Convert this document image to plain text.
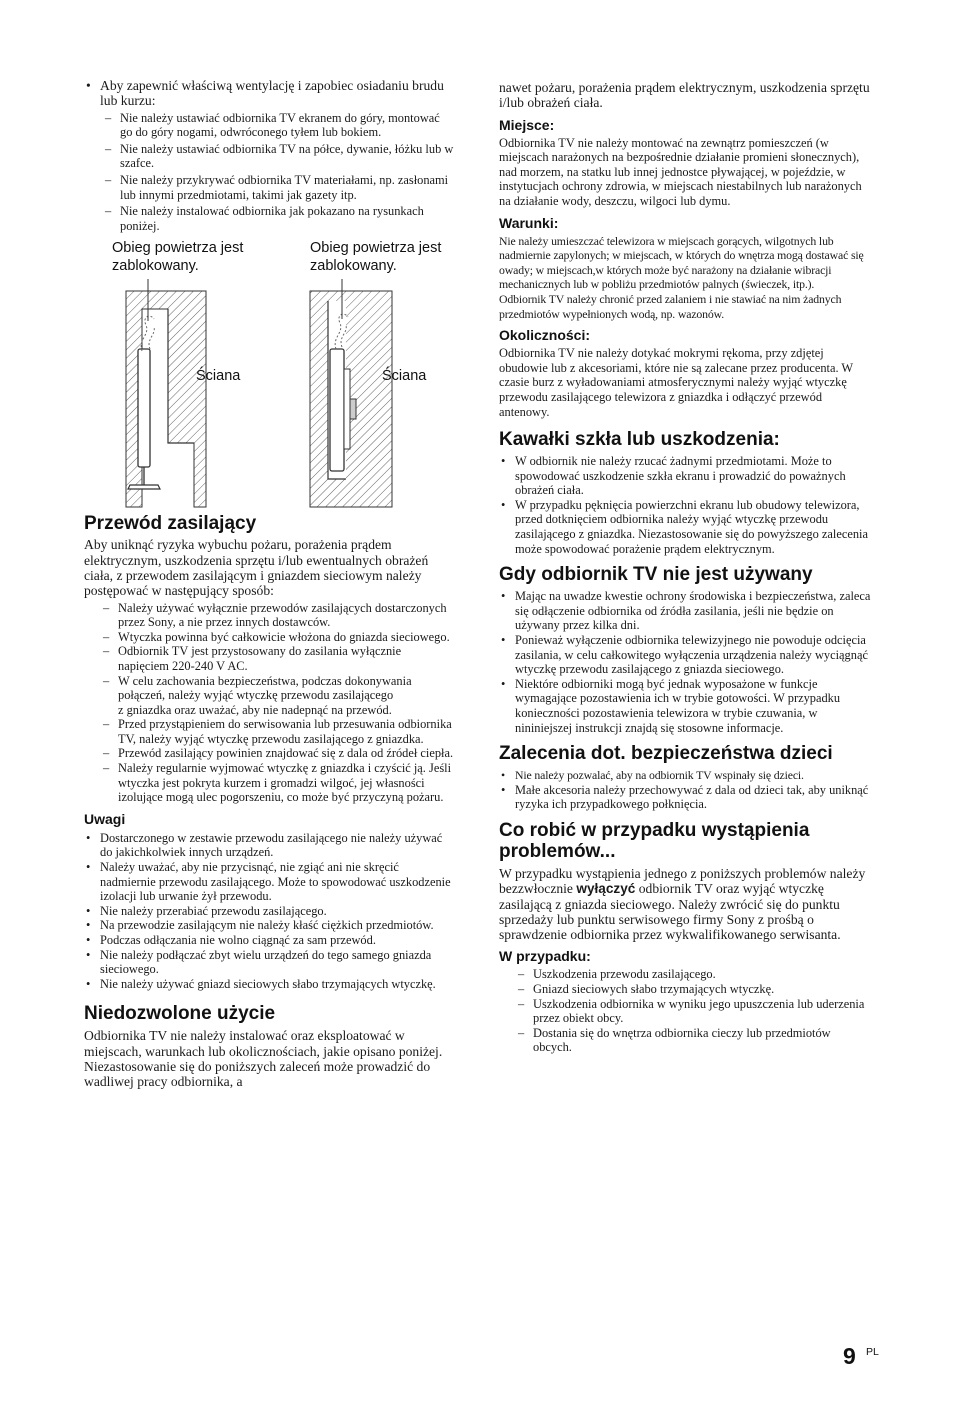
• Aby zapewnić właściwą wentylację i zapobiec osiadaniu brudu lub kurzu:
– Nie należy ustawiać odbiornika TV ekranem do góry, montować go do góry nogami, odwróconego tyłem lub bokiem.
– Nie należy ustawiać odbiornika TV na półce, dywanie, łóżku lub w szafce.
– Nie należy przykrywać odbiornika TV materiałami, np. zasłonami lub innymi przedmiotami, takimi jak gazety itp.
– Nie należy instalować odbiornika jak pokazano na rysunkach poniżej.
Obieg powietrza jest zablokowany.
Obieg powietrza jest zablokowany.
Ściana	Ściana
Przewód zasilający

Aby uniknąć ryzyka wybuchu pożaru, porażenia prądem elektrycznym, uszkodzenia sprzętu i/lub ewentualnych obrażeń ciała, z przewodem zasilającym i gniazdem sieciowym należy postępować w następujący sposób:

– Należy używać wyłącznie przewodów zasilających dostarczonych przez Sony, a nie przez innych dostawców.
– Wtyczka powinna być całkowicie włożona do gniazda sieciowego.
– Odbiornik TV jest przystosowany do zasilania wyłącznie napięciem 220-240 V AC.
– W celu zachowania bezpieczeństwa, podczas dokonywania połączeń, należy wyjąć wtyczkę przewodu zasilającego
z gniazdka oraz uważać, aby nie nadepnąć na przewód.
– Przed przystąpieniem do serwisowania lub przesuwania odbiornika TV, należy wyjąć wtyczkę przewodu zasilającego z gniazdka.
– Przewód zasilający powinien znajdować się z dala od źródeł ciepła.
– Należy regularnie wyjmować wtyczkę z gniazdka i czyścić ją. Jeśli wtyczka jest pokryta kurzem i gromadzi wilgoć, jej własności izolujące mogą ulec pogorszeniu, co może być przyczyną pożaru.
Uwagi
• Dostarczonego w zestawie przewodu zasilającego nie należy używać do jakichkolwiek innych urządzeń.
• Należy uważać, aby nie przycisnąć, nie zgiąć ani nie skręcić nadmiernie przewodu zasilającego. Może to spowodować uszkodzenie izolacji lub urwanie żył przewodu.
• Nie należy przerabiać przewodu zasilającego.
• Na przewodzie zasilającym nie należy kłaść ciężkich przedmiotów.
• Podczas odłączania nie wolno ciągnąć za sam przewód.
• Nie należy podłączać zbyt wielu urządzeń do tego samego gniazda sieciowego.
• Nie należy używać gniazd sieciowych słabo trzymających wtyczkę.
Niedozwolone użycie

Odbiornika TV nie należy instalować oraz eksploatować w miejscach, warunkach lub okolicznościach, jakie opisano poniżej. Niezastosowanie się do poniższych zaleceń może prowadzić do wadliwej pracy odbiornika, a

nawet pożaru, porażenia prądem elektrycznym, uszkodzenia sprzętu i/lub obrażeń ciała.

Miejsce:

Odbiornika TV nie należy montować na zewnątrz pomieszczeń (w miejscach narażonych na bezpośrednie działanie promieni słonecznych), nad morzem, na statku lub innej jednostce pływającej, w pojeździe, w instytucjach ochrony zdrowia, w miejscach niestabilnych lub narażonych na działanie wody, deszczu, wilgoci lub dymu.

Warunki:

Nie należy umieszczać telewizora w miejscach gorących, wilgotnych lub nadmiernie zapylonych; w miejscach, w których do wnętrza mogą dostawać się owady; w miejscach,w których może być narażony na działanie wibracji mechanicznych lub w pobliżu przedmiotów palnych (świeczek, itp.).

Odbiornik TV należy chronić przed zalaniem i nie stawiać na nim żadnych przedmiotów wypełnionych wodą, np. wazonów.

Okoliczności:

Odbiornika TV nie należy dotykać mokrymi rękoma, przy zdjętej obudowie lub z akcesoriami, które nie są zalecane przez producenta. W czasie burz z wyładowaniami atmosferycznymi należy wyjąć wtyczkę przewodu zasilającego telewizora z gniazdka i odłączyć przewód antenowy.

Kawałki szkła lub uszkodzenia:
• W odbiornik nie należy rzucać żadnymi przedmiotami. Może to spowodować uszkodzenie szkła ekranu i prowadzić do poważnych obrażeń ciała.
• W przypadku pęknięcia powierzchni ekranu lub obudowy telewizora, przed dotknięciem odbiornika należy wyjąć wtyczkę przewodu zasilającego z gniazdka. Niezastosowanie się do powyższego zalecenia może spowodować porażenie prądem elektrycznym.
Gdy odbiornik TV nie jest używany
• Mając na uwadze kwestie ochrony środowiska i bezpieczeństwa, zaleca się odłączenie odbiornika od źródła zasilania, jeśli nie będzie on używany przez kilka dni.
• Ponieważ wyłączenie odbiornika telewizyjnego nie powoduje odcięcia zasilania, w celu całkowitego wyłączenia urządzenia należy wyciągnąć wtyczkę przewodu zasilającego z gniazda sieciowego.
• Niektóre odbiorniki mogą być jednak wyposażone w funkcje wymagające pozostawienia ich w trybie gotowości. W przypadku konieczności pozostawienia telewizora w trybie czuwania, w nininiejszej instrukcji znajdą się stosowne informacje.
Zalecenia dot. bezpieczeństwa dzieci
• Nie należy pozwalać, aby na odbiornik TV wspinały się dzieci.
• Małe akcesoria należy przechowywać z dala od dzieci tak, aby uniknąć ryzyka ich przypadkowego połknięcia.
Co robić w przypadku wystąpienia problemów...

W przypadku wystąpienia jednego z poniższych problemów należy bezzwłocznie wyłączyć odbiornik TV oraz wyjąć wtyczkę zasilającą z gniazda sieciowego. Należy zwrócić się do punktu sprzedaży lub punktu serwisowego firmy Sony z prośbą o sprawdzenie odbiornika przez wykwalifikowanego serwisanta.

W przypadku:
– Uszkodzenia przewodu zasilającego.
– Gniazd sieciowych słabo trzymających wtyczkę.
– Uszkodzenia odbiornika w wyniku jego upuszczenia lub uderzenia przez obiekt obcy.
– Dostania się do wnętrza odbiornika cieczy lub przedmiotów obcych.
9 PL
